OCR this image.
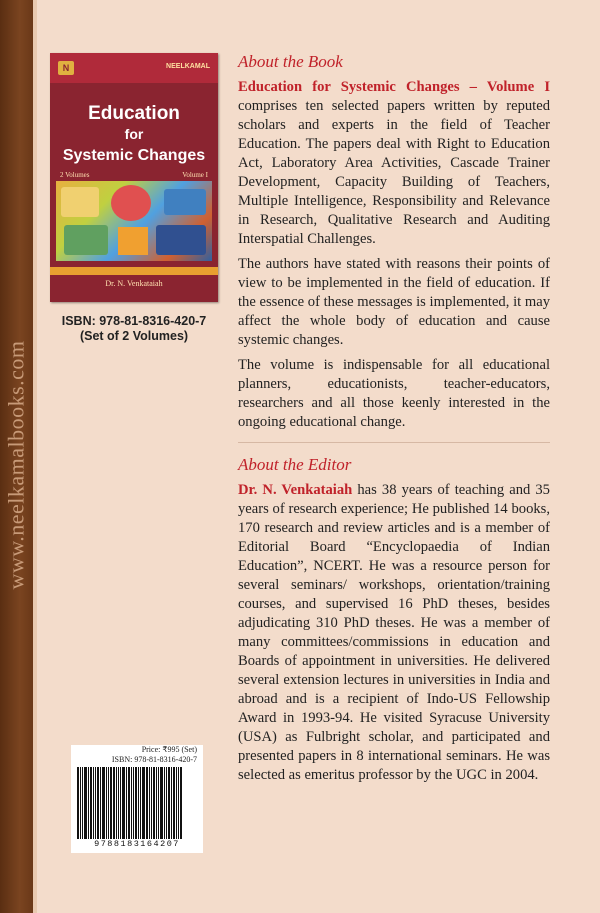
www.neelkamalbooks.com
N	NEELKAMAL
Education
for
Systemic Changes
2 Volumes	Volume I
Dr. N. Venkataiah
ISBN: 978-81-8316-420-7
(Set of 2 Volumes)
Price: ₹995 (Set)
ISBN: 978-81-8316-420-7
9788183164207
About the Book

Education for Systemic Changes – Volume I comprises ten selected papers written by reputed scholars and experts in the field of Teacher Education. The papers deal with Right to Education Act, Laboratory Area Activities, Cascade Trainer Development, Capacity Building of Teachers, Multiple Intelligence, Responsibility and Relevance in Research, Qualitative Research and Auditing Interspatial Challenges.

The authors have stated with reasons their points of view to be implemented in the field of education. If the essence of these messages is implemented, it may affect the whole body of education and cause systemic changes.

The volume is indispensable for all educational planners, educationists, teacher-educators, researchers and all those keenly interested in the ongoing educational change.

About the Editor

Dr. N. Venkataiah has 38 years of teaching and 35 years of research experience; He published 14 books, 170 research and review articles and is a member of Editorial Board “Encyclopaedia of Indian Education”, NCERT. He was a resource person for several seminars/ workshops, orientation/training courses, and supervised 16 PhD theses, besides adjudicating 310 PhD theses. He was a member of many committees/commissions in education and Boards of appointment in universities. He delivered several extension lectures in universities in India and abroad and is a recipient of Indo-US Fellowship Award in 1993-94. He visited Syracuse University (USA) as Fulbright scholar, and participated and presented papers in 8 international seminars. He was selected as emeritus professor by the UGC in 2004.
